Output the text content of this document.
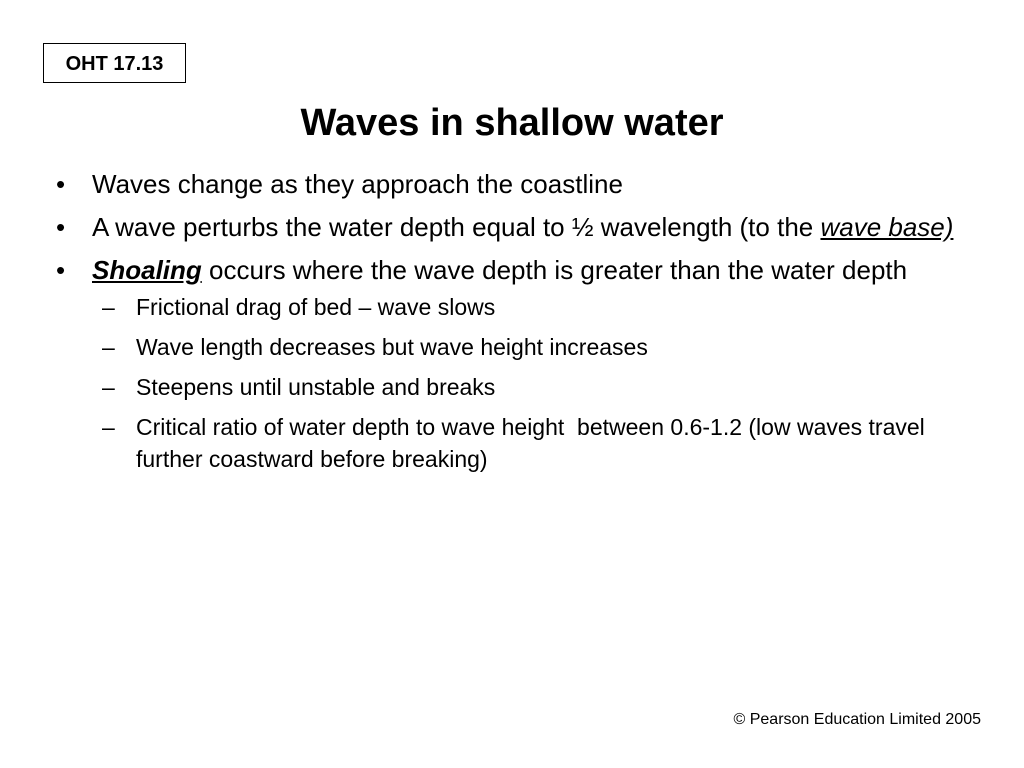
OHT 17.13
Waves in shallow water
• Waves change as they approach the coastline
• A wave perturbs the water depth equal to ½ wavelength (to the wave base)
• Shoaling occurs where the wave depth is greater than the water depth
– Frictional drag of bed – wave slows
– Wave length decreases but wave height increases
– Steepens until unstable and breaks
– Critical ratio of water depth to wave height  between 0.6-1.2 (low waves travel further coastward before breaking)
© Pearson Education Limited 2005
